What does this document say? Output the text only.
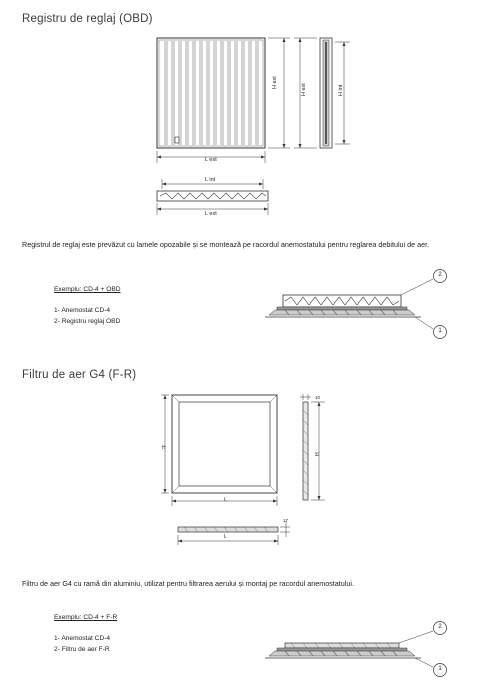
Registru de reglaj (OBD)
L ext
H ext
H ext	H int
L int
L ext
Registrul de reglaj este prevăzut cu lamele opozabile și se montează pe racordul anemostatului pentru reglarea debitului de aer.
Exemplu: CD-4 + OBD
1- Anemostat CD-4
2- Registru reglaj OBD
2
1
Filtru de aer G4 (F-R)
H
L
10
H
17
L
Filtru de aer G4 cu ramă din aluminiu, utilizat pentru filtrarea aerului și montaj pe racordul anemostatului.
Exemplu: CD-4 + F-R
1- Anemostat CD-4
2- Filtru de aer F-R
2
1
